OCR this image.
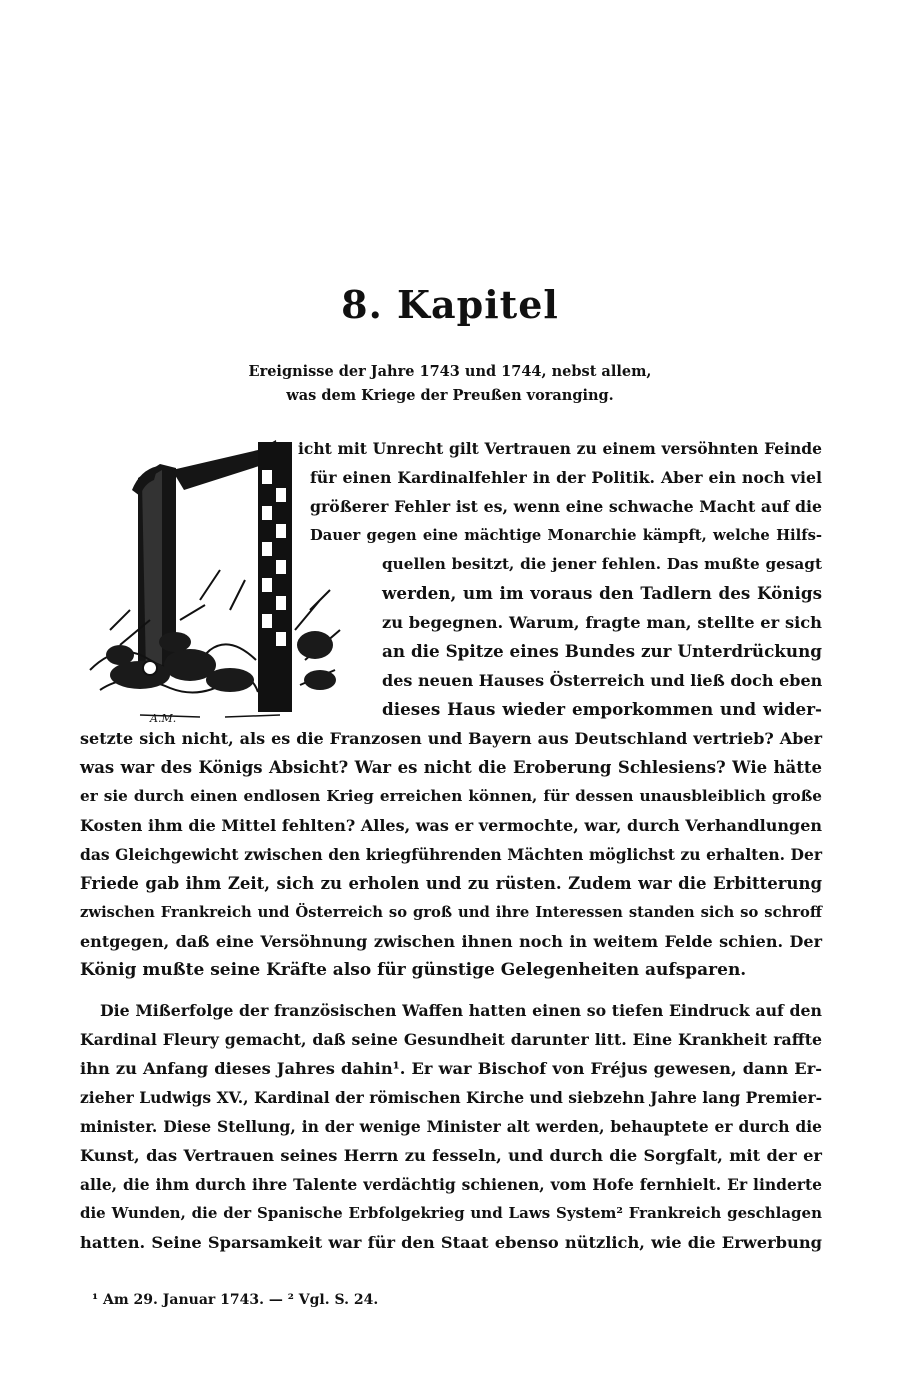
8. Kapitel
Ereignisse der Jahre 1743 und 1744, nebst allem,
was dem Kriege der Preußen voranging.
A.M.
icht mit Unrecht gilt Vertrauen zu einem versöhnten Feinde
für einen Kardinalfehler in der Politik. Aber ein noch viel
größerer Fehler ist es, wenn eine schwache Macht auf die
Dauer gegen eine mächtige Monarchie kämpft, welche Hilfs-
quellen besitzt, die jener fehlen. Das mußte gesagt
werden, um im voraus den Tadlern des Königs
zu begegnen. Warum, fragte man, stellte er sich
an die Spitze eines Bundes zur Unterdrückung
des neuen Hauses Österreich und ließ doch eben
dieses Haus wieder emporkommen und wider-
setzte sich nicht, als es die Franzosen und Bayern aus Deutschland vertrieb? Aber
was war des Königs Absicht? War es nicht die Eroberung Schlesiens? Wie hätte
er sie durch einen endlosen Krieg erreichen können, für dessen unausbleiblich große
Kosten ihm die Mittel fehlten? Alles, was er vermochte, war, durch Verhandlungen
das Gleichgewicht zwischen den kriegführenden Mächten möglichst zu erhalten. Der
Friede gab ihm Zeit, sich zu erholen und zu rüsten. Zudem war die Erbitterung
zwischen Frankreich und Österreich so groß und ihre Interessen standen sich so schroff
entgegen, daß eine Versöhnung zwischen ihnen noch in weitem Felde schien. Der
König mußte seine Kräfte also für günstige Gelegenheiten aufsparen.
Die Mißerfolge der französischen Waffen hatten einen so tiefen Eindruck auf den
Kardinal Fleury gemacht, daß seine Gesundheit darunter litt. Eine Krankheit raffte
ihn zu Anfang dieses Jahres dahin¹. Er war Bischof von Fréjus gewesen, dann Er-
zieher Ludwigs XV., Kardinal der römischen Kirche und siebzehn Jahre lang Premier-
minister. Diese Stellung, in der wenige Minister alt werden, behauptete er durch die
Kunst, das Vertrauen seines Herrn zu fesseln, und durch die Sorgfalt, mit der er
alle, die ihm durch ihre Talente verdächtig schienen, vom Hofe fernhielt. Er linderte
die Wunden, die der Spanische Erbfolgekrieg und Laws System² Frankreich geschlagen
hatten. Seine Sparsamkeit war für den Staat ebenso nützlich, wie die Erwerbung
¹ Am 29. Januar 1743. — ² Vgl. S. 24.
